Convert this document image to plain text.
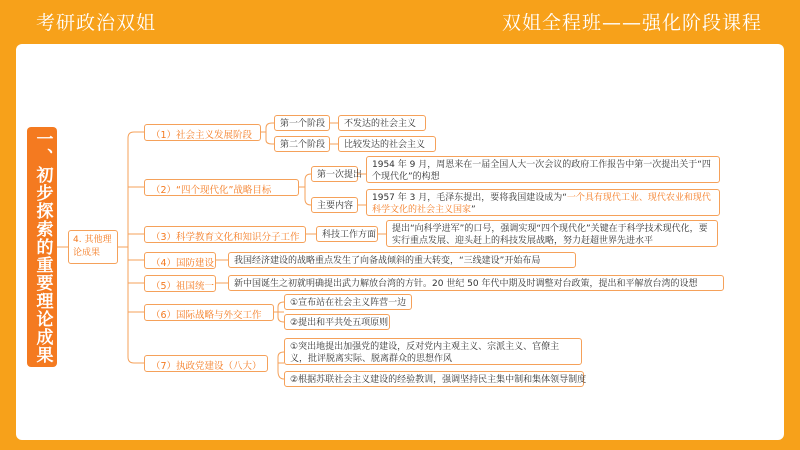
考研政治双姐	双姐全程班——强化阶段课程
一、初步探索的重要理论成果	4. 其他理论成果
（1）社会主义发展阶段
第一个阶段	不发达的社会主义
第二个阶段	比较发达的社会主义
（2）“四个现代化”战略目标
第一次提出
1954 年 9 月，周恩来在一届全国人大一次会议的政府工作报告中第一次提出关于“四个现代化”的构想
主要内容
1957 年 3 月，毛泽东提出，要将我国建设成为“一个具有现代工业、现代农业和现代科学文化的社会主义国家”
（3）科学教育文化和知识分子工作	科技工作方面
提出“向科学进军”的口号，强调实现“四个现代化”关键在于科学技术现代化，要实行重点发展、迎头赶上的科技发展战略，努力赶超世界先进水平
（4）国防建设	我国经济建设的战略重点发生了向备战倾斜的重大转变，“三线建设”开始布局
（5）祖国统一	新中国诞生之初就明确提出武力解放台湾的方针。20 世纪 50 年代中期及时调整对台政策，提出和平解放台湾的设想
（6）国际战略与外交工作
①宣布站在社会主义阵营一边
②提出和平共处五项原则
（7）执政党建设（八大）
①突出地提出加强党的建设，反对党内主观主义、宗派主义、官僚主义，批评脱离实际、脱离群众的思想作风
②根据苏联社会主义建设的经验教训，强调坚持民主集中制和集体领导制度
